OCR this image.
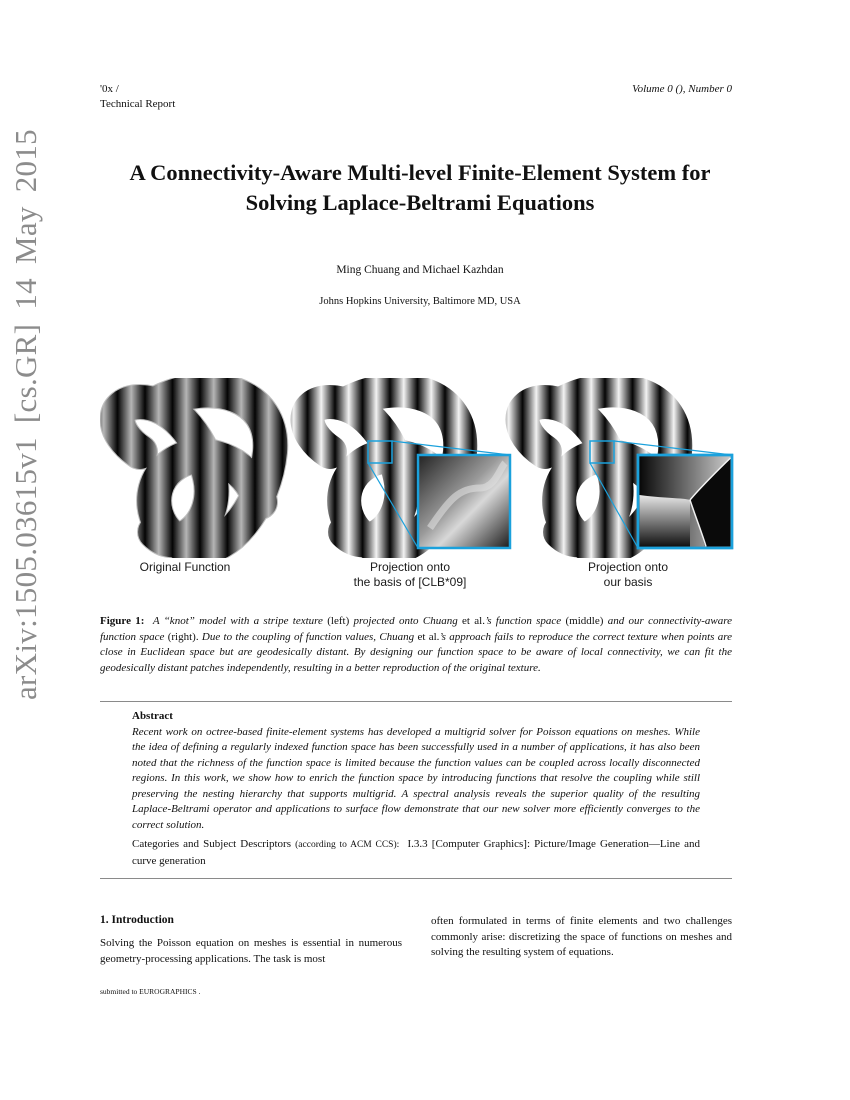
arXiv:1505.03615v1 [cs.GR] 14 May 2015
'0x /
Technical Report
Volume 0 (), Number 0
A Connectivity-Aware Multi-level Finite-Element System for
Solving Laplace-Beltrami Equations
Ming Chuang and Michael Kazhdan
Johns Hopkins University, Baltimore MD, USA
Original Function	Projection onto
the basis of [CLB*09]
Projection onto
our basis
Figure 1: A “knot” model with a stripe texture (left) projected onto Chuang et al.’s function space (middle) and our connectivity-aware function space (right). Due to the coupling of function values, Chuang et al.’s approach fails to reproduce the correct texture when points are close in Euclidean space but are geodesically distant. By designing our function space to be aware of local connectivity, we can fit the geodesically distant patches independently, resulting in a better reproduction of the original texture.
Abstract
Recent work on octree-based finite-element systems has developed a multigrid solver for Poisson equations on meshes. While the idea of defining a regularly indexed function space has been successfully used in a number of applications, it has also been noted that the richness of the function space is limited because the function values can be coupled across locally disconnected regions. In this work, we show how to enrich the function space by introducing functions that resolve the coupling while still preserving the nesting hierarchy that supports multigrid. A spectral analysis reveals the superior quality of the resulting Laplace-Beltrami operator and applications to surface flow demonstrate that our new solver more efficiently converges to the correct solution.
Categories and Subject Descriptors (according to ACM CCS): I.3.3 [Computer Graphics]: Picture/Image Generation—Line and curve generation
1. Introduction
Solving the Poisson equation on meshes is essential in numerous geometry-processing applications. The task is most
often formulated in terms of finite elements and two challenges commonly arise: discretizing the space of functions on meshes and solving the resulting system of equations.
submitted to EUROGRAPHICS .
